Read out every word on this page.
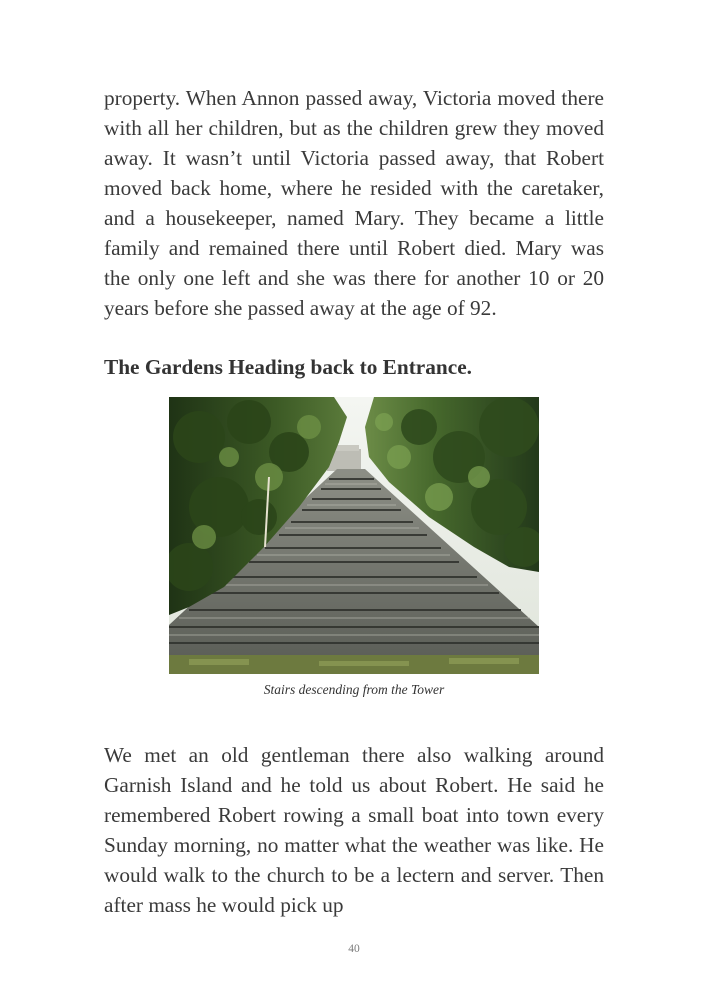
property. When Annon passed away, Victoria moved there with all her children, but as the children grew they moved away. It wasn’t until Victoria passed away, that Robert moved back home, where he resided with the caretaker, and a housekeeper, named Mary. They became a little family and remained there until Robert died. Mary was the only one left and she was there for another 10 or 20 years before she passed away at the age of 92.

The Gardens Heading back to Entrance.

Stairs descending from the Tower

We met an old gentleman there also walking around Garnish Island and he told us about Robert. He said he remembered Robert rowing a small boat into town every Sunday morning, no matter what the weather was like. He would walk to the church to be a lectern and server. Then after mass he would pick up

40
